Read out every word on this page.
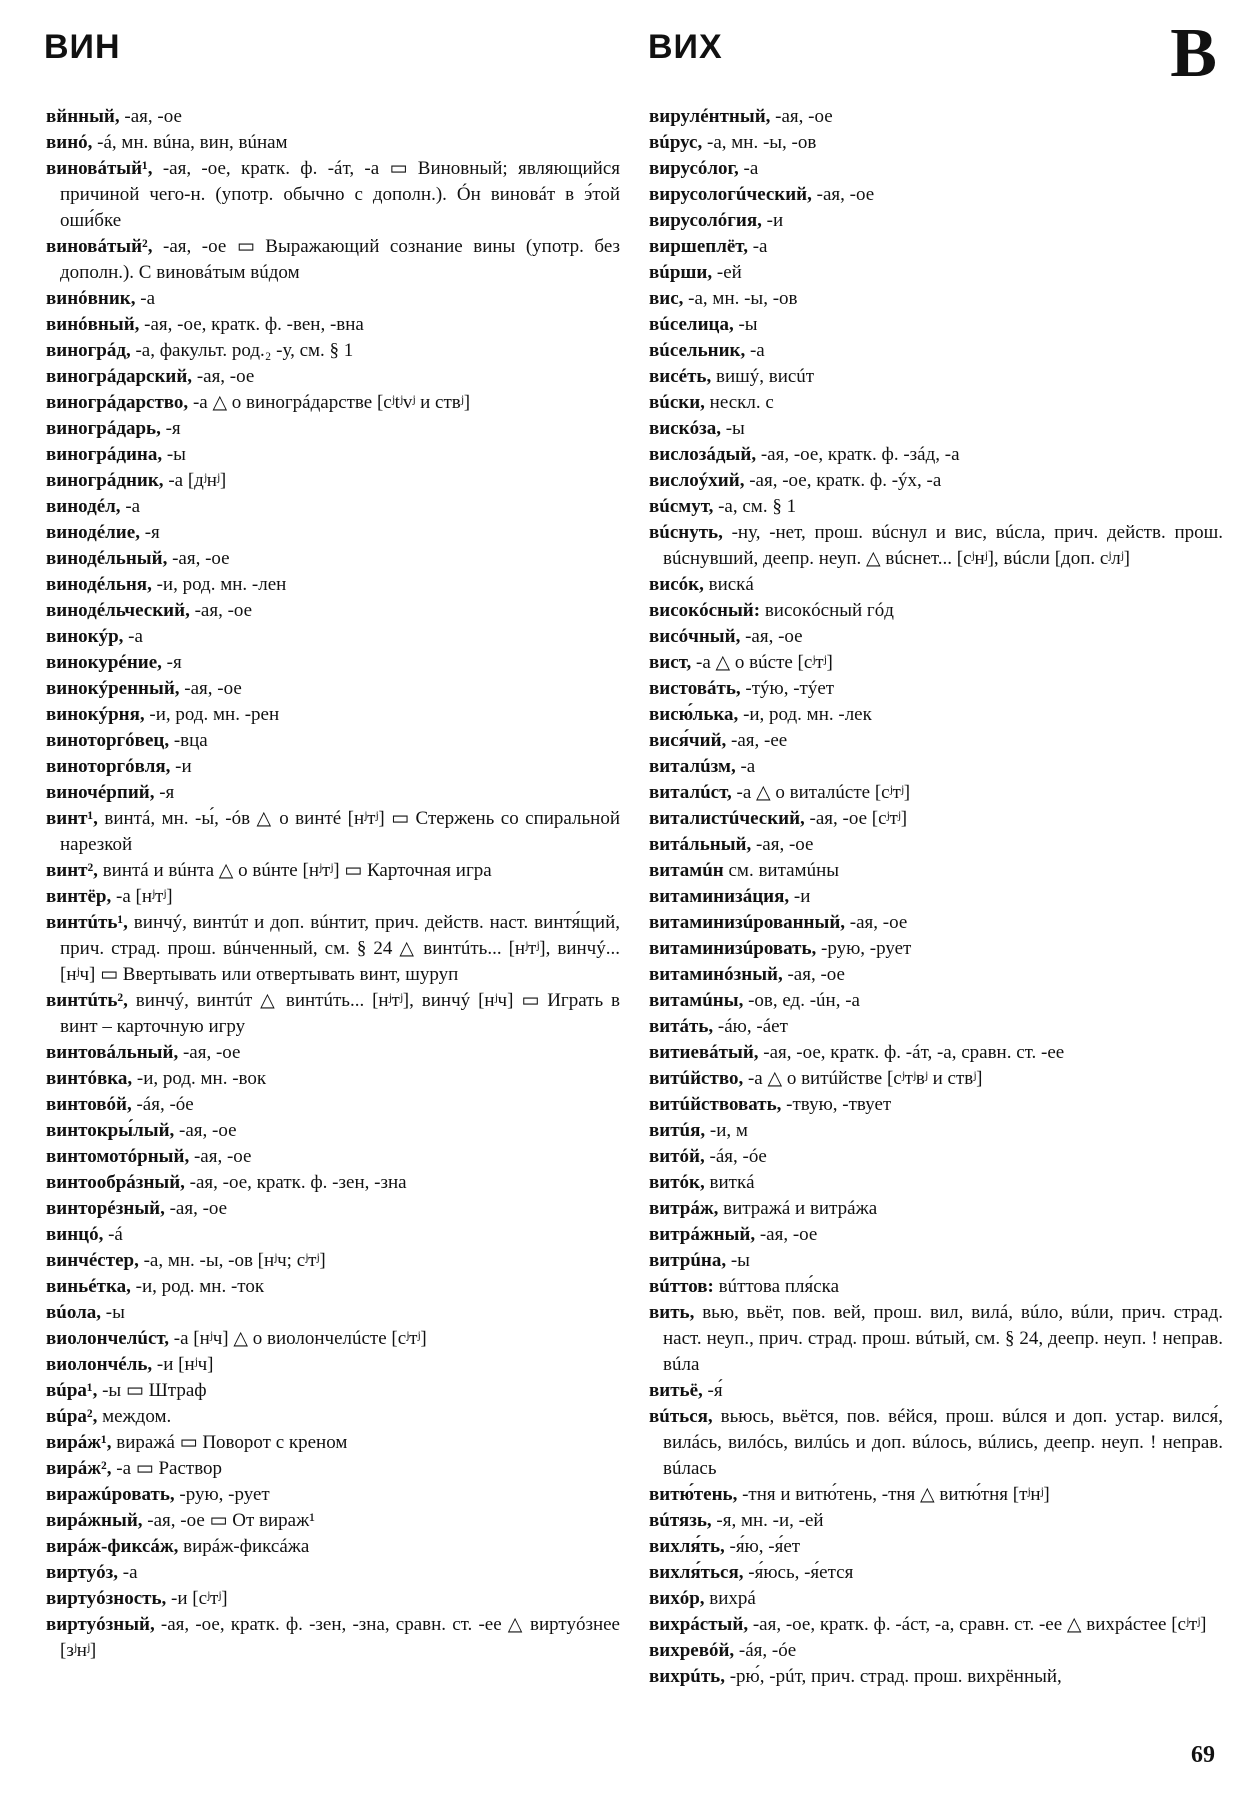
ВИН	ВИХ	В
вйнный, -ая, -ое
винó, -á, мн. вúна, вин, вúнам
виновáтый¹, -ая, -ое, кратк. ф. -áт, -а ▭ Виновный; являющийся причиной чего-н. (употр. обычно с дополн.). Óн виновáт в э́той оши́бке
виновáтый², -ая, -ое ▭ Выражающий сознание вины (употр. без дополн.). С виновáтым вúдом
винóвник, -а
винóвный, -ая, -ое, кратк. ф. -вен, -вна
виногрáд, -а, факульт. род.₂ -у, см. § 1
виногрáдарский, -ая, -ое
виногрáдарство, -а △ о виногрáдарстве [cʲtʲvʲ и ствʲ]
виногрáдарь, -я
виногрáдина, -ы
виногрáдник, -а [дʲнʲ]
винодéл, -а
винодéлие, -я
винодéльный, -ая, -ое
винодéльня, -и, род. мн. -лен
винодéльческий, -ая, -ое
винокýр, -а
винокурéние, -я
винокýренный, -ая, -ое
винокýрня, -и, род. мн. -рен
виноторгóвец, -вца
виноторгóвля, -и
виночéрпий, -я
винт¹, винтá, мн. -ы́, -óв △ о винтé [нʲтʲ] ▭ Стержень со спиральной нарезкой
винт², винтá и вúнта △ о вúнте [нʲтʲ] ▭ Карточная игра
винтёр, -а [нʲтʲ]
винтúть¹, винчý, винтúт и доп. вúнтит, прич. действ. наст. винтя́щий, прич. страд. прош. вúнченный, см. § 24 △ винтúть... [нʲтʲ], винчý... [нʲч] ▭ Ввертывать или отвертывать винт, шуруп
винтúть², винчý, винтúт △ винтúть... [нʲтʲ], винчý [нʲч] ▭ Играть в винт – карточную игру
винтовáльный, -ая, -ое
винтóвка, -и, род. мн. -вок
винтовóй, -áя, -óе
винтокры́лый, -ая, -ое
винтомотóрный, -ая, -ое
винтообрáзный, -ая, -ое, кратк. ф. -зен, -зна
винторéзный, -ая, -ое
винцó, -á
винчéстер, -а, мн. -ы, -ов [нʲч; cʲтʲ]
виньéтка, -и, род. мн. -ток
вúола, -ы
виолончелúст, -а [нʲч] △ о виолончелúсте [cʲтʲ]
виолончéль, -и [нʲч]
вúра¹, -ы ▭ Штраф
вúра², междом.
вирáж¹, виражá ▭ Поворот с креном
вирáж², -а ▭ Раствор
виражúровать, -рую, -рует
вирáжный, -ая, -ое ▭ От вираж¹
вирáж-фиксáж, вирáж-фиксáжа
виртуóз, -а
виртуóзность, -и [cʲтʲ]
виртуóзный, -ая, -ое, кратк. ф. -зен, -зна, сравн. ст. -ее △ виртуóзнее [зʲнʲ]
вирулéнтный, -ая, -ое
вúрус, -а, мн. -ы, -ов
вирусóлог, -а
вирусологúческий, -ая, -ое
вирусолóгия, -и
виршеплёт, -а
вúрши, -ей
вис, -а, мн. -ы, -ов
вúселица, -ы
вúсельник, -а
висéть, вишý, висúт
вúски, нескл. с
вискóза, -ы
вислозáдый, -ая, -ое, кратк. ф. -зáд, -а
вислоýхий, -ая, -ое, кратк. ф. -ýх, -а
вúсмут, -а, см. § 1
вúснуть, -ну, -нет, прош. вúснул и вис, вúсла, прич. действ. прош. вúснувший, деепр. неуп. △ вúснет... [cʲнʲ], вúсли [доп. cʲлʲ]
висóк, вискá
високóсный: високóсный гóд
висóчный, -ая, -ое
вист, -а △ о вúсте [cʲтʲ]
вистовáть, -тýю, -тýет
висю́лька, -и, род. мн. -лек
вися́чий, -ая, -ее
виталúзм, -а
виталúст, -а △ о виталúсте [cʲтʲ]
виталистúческий, -ая, -ое [cʲтʲ]
витáльный, -ая, -ое
витамúн см. витамúны
витаминизáция, -и
витаминизúрованный, -ая, -ое
витаминизúровать, -рую, -рует
витаминóзный, -ая, -ое
витамúны, -ов, ед. -úн, -а
витáть, -áю, -áет
витиевáтый, -ая, -ое, кратк. ф. -áт, -а, сравн. ст. -ее
витúйство, -а △ о витúйстве [cʲтʲвʲ и ствʲ]
витúйствовать, -твую, -твует
витúя, -и, м
витóй, -áя, -óе
витóк, виткá
витрáж, витражá и витрáжа
витрáжный, -ая, -ое
витрúна, -ы
вúттов: вúттова пля́ска
вить, вью, вьёт, пов. вей, прош. вил, вилá, вúло, вúли, прич. страд. наст. неуп., прич. страд. прош. вúтый, см. § 24, деепр. неуп. ! неправ. вúла
витьё, -я́
вúться, вьюсь, вьётся, пов. вéйся, прош. вúлся и доп. устар. вился́, вилáсь, вилóсь, вилúсь и доп. вúлось, вúлись, деепр. неуп. ! неправ. вúлась
витю́тень, -тня и витю́тень, -тня △ витю́тня [тʲнʲ]
вúтязь, -я, мн. -и, -ей
вихля́ть, -я́ю, -я́ет
вихля́ться, -я́юсь, -я́ется
вихóр, вихрá
вихрáстый, -ая, -ое, кратк. ф. -áст, -а, сравн. ст. -ее △ вихрáстее [cʲтʲ]
вихревóй, -áя, -óе
вихрúть, -рю́, -рúт, прич. страд. прош. вихрённый,
69
